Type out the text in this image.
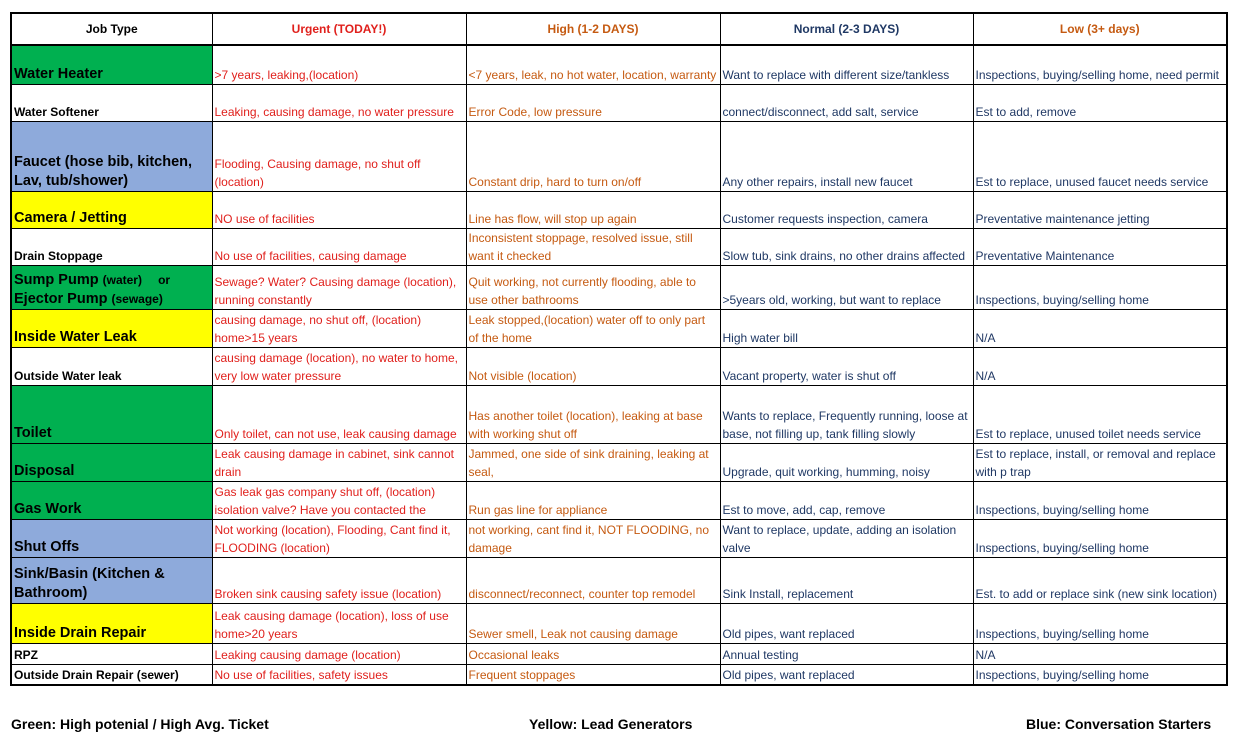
Job Type	Urgent (TODAY!)	High (1-2 DAYS)	Normal (2-3 DAYS)	Low (3+ days)
Water Heater	>7 years, leaking,(location)	<7 years, leak, no hot water, location, warranty	Want to replace with different size/tankless	Inspections, buying/selling home, need permit
Water Softener	Leaking, causing damage, no water pressure	Error Code, low pressure	connect/disconnect, add salt, service	Est to add, remove
Faucet (hose bib, kitchen, Lav, tub/shower)	Flooding, Causing damage, no shut off (location)	Constant drip, hard to turn on/off	Any other repairs, install new faucet	Est to replace, unused faucet needs service
Camera / Jetting	NO use of facilities	Line has flow, will stop up again	Customer requests inspection, camera	Preventative maintenance jetting
Drain Stoppage	No use of facilities, causing damage	Inconsistent stoppage, resolved issue, still want it checked	Slow tub, sink drains, no other drains affected	Preventative Maintenance
Sump Pump (water) or
Ejector Pump (sewage)	Sewage? Water? Causing damage (location), running constantly	Quit working, not currently flooding, able to use other bathrooms	>5years old, working, but want to replace	Inspections, buying/selling home
Inside Water Leak	causing damage, no shut off, (location) home>15 years	Leak stopped,(location) water off to only part of the home	High water bill	N/A
Outside Water leak	causing damage (location), no water to home, very low water pressure	Not visible (location)	Vacant property, water is shut off	N/A
Toilet	Only toilet, can not use, leak causing damage	Has another toilet (location), leaking at base with working shut off	Wants to replace, Frequently running, loose at base, not filling up, tank filling slowly	Est to replace, unused toilet needs service
Disposal	Leak causing damage in cabinet, sink cannot drain	Jammed, one side of sink draining, leaking at seal,	Upgrade, quit working, humming, noisy	Est to replace, install, or removal and replace with p trap
Gas Work	Gas leak gas company shut off, (location) isolation valve? Have you contacted the	Run gas line for appliance	Est to move, add, cap, remove	Inspections, buying/selling home
Shut Offs	Not working (location), Flooding, Cant find it, FLOODING (location)	not working, cant find it, NOT FLOODING, no damage	Want to replace, update, adding an isolation valve	Inspections, buying/selling home
Sink/Basin (Kitchen & Bathroom)	Broken sink causing safety issue (location)	disconnect/reconnect, counter top remodel	Sink Install, replacement	Est. to add or replace sink (new sink location)
Inside Drain Repair	Leak causing damage (location), loss of use home>20 years	Sewer smell, Leak not causing damage	Old pipes, want replaced	Inspections, buying/selling home
RPZ	Leaking causing damage (location)	Occasional leaks	Annual testing	N/A
Outside Drain Repair (sewer)	No use of facilities, safety issues	Frequent stoppages	Old pipes, want replaced	Inspections, buying/selling home
Green: High potenial / High Avg. Ticket	Yellow: Lead Generators	Blue: Conversation Starters
